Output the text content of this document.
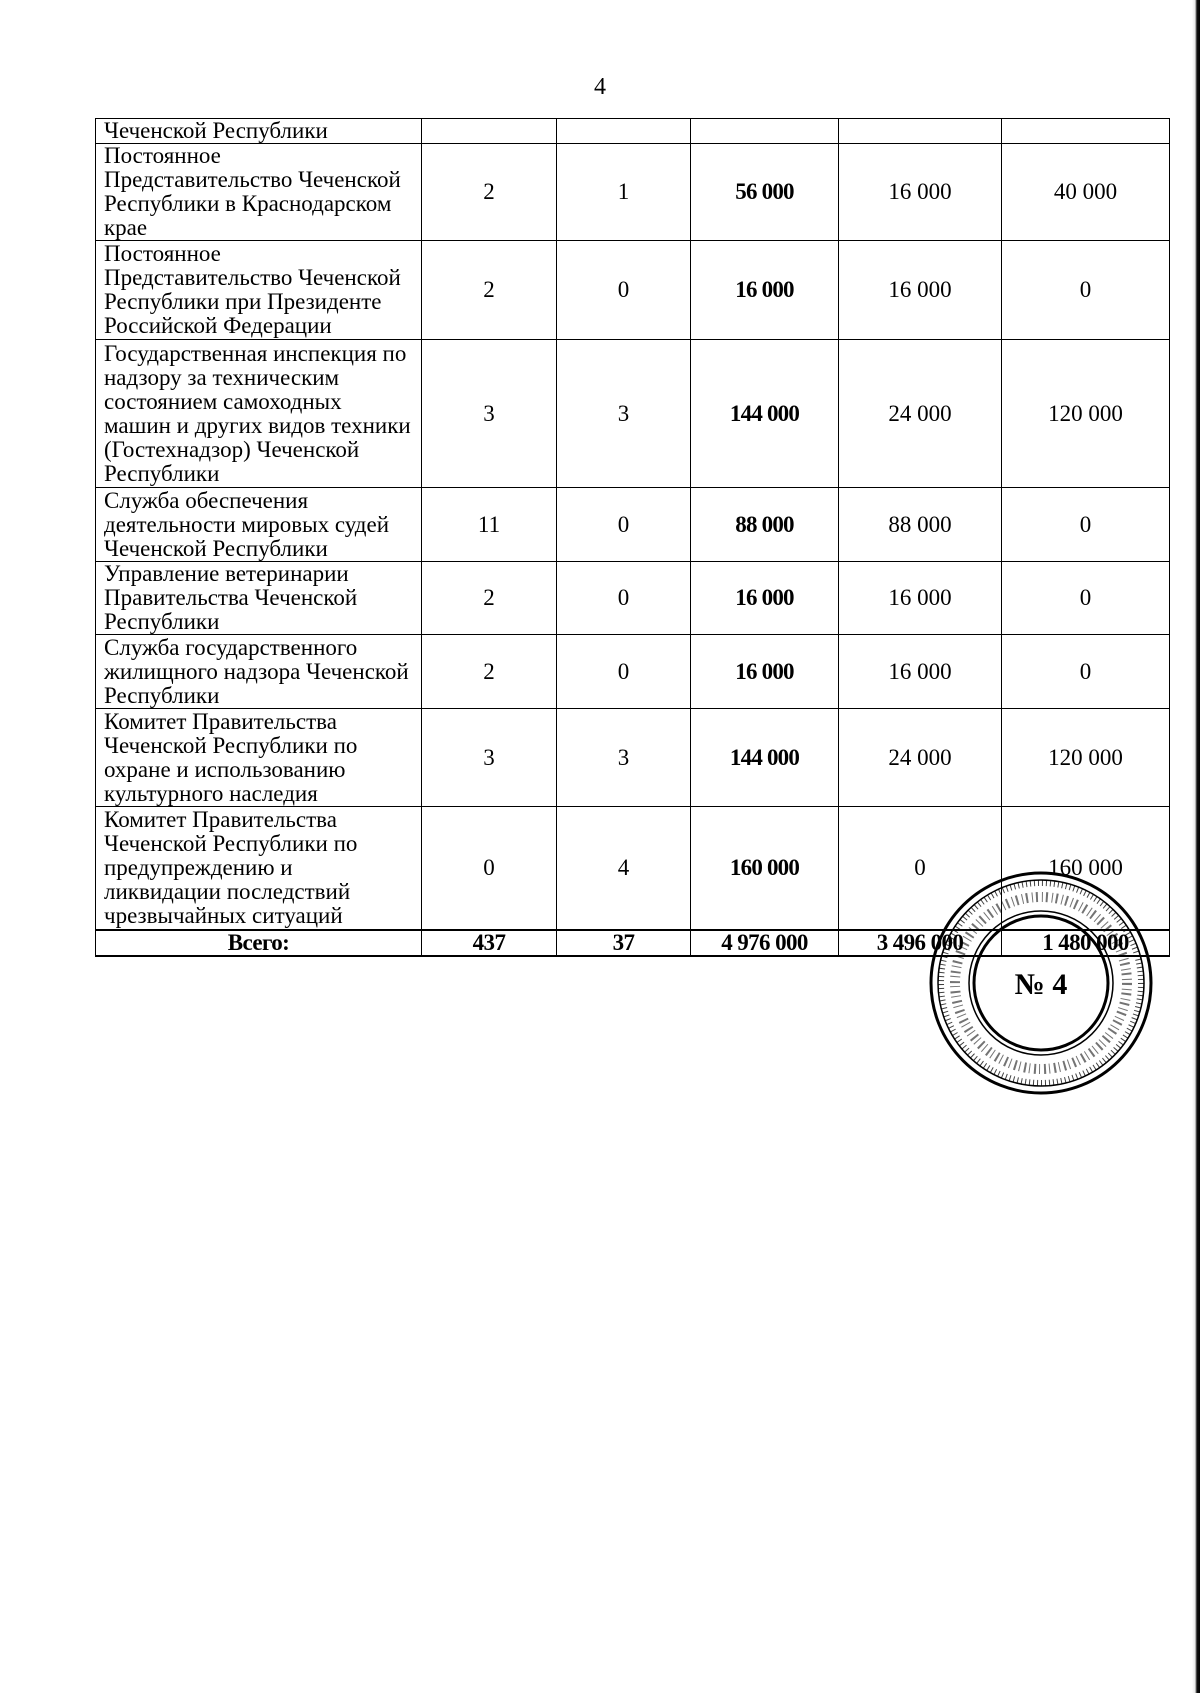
4
Чеченской Республики					
Постоянное Представительство Чеченской Республики в Краснодарском крае	2	1	56 000	16 000	40 000
Постоянное Представительство Чеченской Республики при Президенте Российской Федерации	2	0	16 000	16 000	0
Государственная инспекция по надзору за техническим состоянием самоходных машин и других видов техники (Гостехнадзор) Чеченской Республики	3	3	144 000	24 000	120 000
Служба обеспечения деятельности мировых судей Чеченской Республики	11	0	88 000	88 000	0
Управление ветеринарии Правительства Чеченской Республики	2	0	16 000	16 000	0
Служба государственного жилищного надзора Чеченской Республики	2	0	16 000	16 000	0
Комитет Правительства Чеченской Республики по охране и использованию культурного наследия	3	3	144 000	24 000	120 000
Комитет Правительства Чеченской Республики по предупреждению и ликвидации последствий чрезвычайных ситуаций	0	4	160 000	0	160 000
Всего:	437	37	4 976 000	3 496 000	1 480 000
№ 4
